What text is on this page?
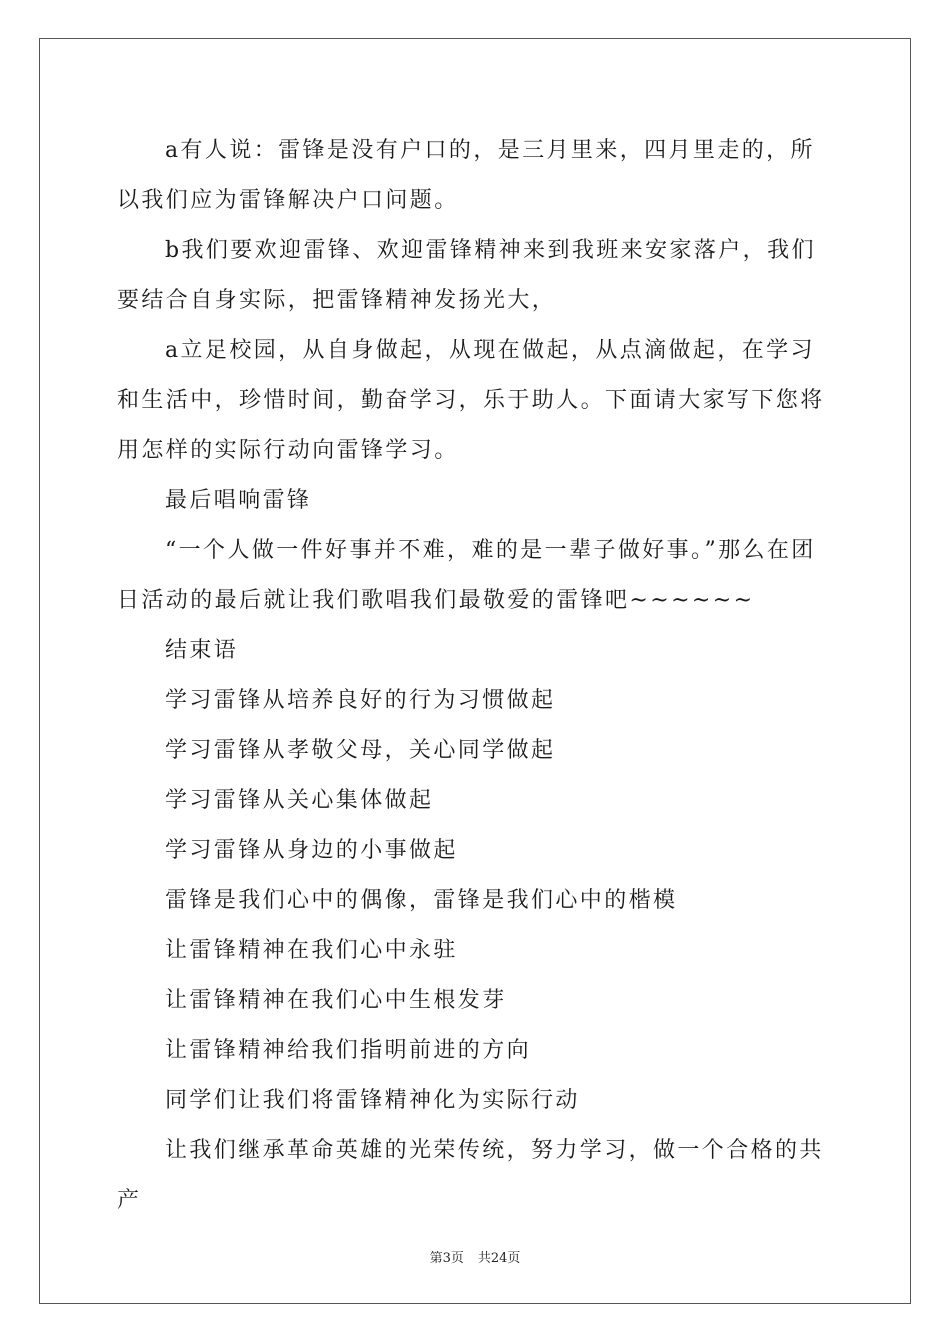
a有人说：雷锋是没有户口的，是三月里来，四月里走的，所以我们应为雷锋解决户口问题。

b我们要欢迎雷锋、欢迎雷锋精神来到我班来安家落户，我们要结合自身实际，把雷锋精神发扬光大，

a立足校园，从自身做起，从现在做起，从点滴做起，在学习和生活中，珍惜时间，勤奋学习，乐于助人。下面请大家写下您将用怎样的实际行动向雷锋学习。

最后唱响雷锋

“一个人做一件好事并不难，难的是一辈子做好事。”那么在团日活动的最后就让我们歌唱我们最敬爱的雷锋吧~~~~~~

结束语

学习雷锋从培养良好的行为习惯做起

学习雷锋从孝敬父母，关心同学做起

学习雷锋从关心集体做起

学习雷锋从身边的小事做起

雷锋是我们心中的偶像，雷锋是我们心中的楷模

让雷锋精神在我们心中永驻

让雷锋精神在我们心中生根发芽

让雷锋精神给我们指明前进的方向

同学们让我们将雷锋精神化为实际行动

让我们继承革命英雄的光荣传统，努力学习，做一个合格的共产

第3页 共24页
